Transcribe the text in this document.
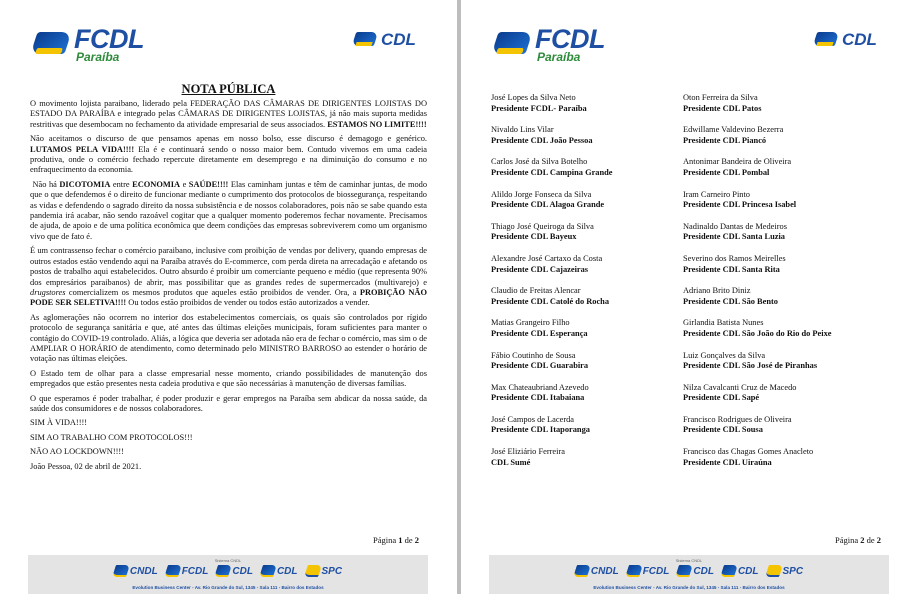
FCDL
Paraíba
CDL
NOTA PÚBLICA

O movimento lojista paraibano, liderado pela FEDERAÇÃO DAS CÂMARAS DE DIRIGENTES LOJISTAS DO ESTADO DA PARAÍBA e integrado pelas CÂMARAS DE DIRIGENTES LOJISTAS, já não mais suporta medidas restritivas que desembocam no fechamento da atividade empresarial de seus associados. ESTAMOS NO LIMITE!!!!

Não aceitamos o discurso de que pensamos apenas em nosso bolso, esse discurso é demagogo e genérico. LUTAMOS PELA VIDA!!!! Ela é e continuará sendo o nosso maior bem. Contudo vivemos em uma cadeia produtiva, onde o comércio fechado repercute diretamente em desemprego e na diminuição do consumo e no enfraquecimento da economia.

Não há DICOTOMIA entre ECONOMIA e SAÚDE!!!! Elas caminham juntas e têm de caminhar juntas, de modo que o que defendemos é o direito de funcionar mediante o cumprimento dos protocolos de biossegurança, respeitando as vidas e defendendo o sagrado direito da nossa subsistência e de nossos colaboradores, pois não se sabe quando esta pandemia irá acabar, não sendo razoável cogitar que a qualquer momento poderemos fechar novamente. Precisamos de ajuda, de apoio e de uma política econômica que deem condições das empresas sobreviverem como um organismo vivo que de fato é.

É um contrassenso fechar o comércio paraibano, inclusive com proibição de vendas por delivery, quando empresas de outros estados estão vendendo aqui na Paraíba através do E-commerce, com perda direta na arrecadação e afetando os postos de trabalho aqui estabelecidos. Outro absurdo é proibir um comerciante pequeno e médio (que representa 90% dos empresários paraibanos) de abrir, mas possibilitar que as grandes redes de supermercados (multivarejo) e drugstores comercializem os mesmos produtos que aqueles estão proibidos de vender. Ora, a PROBIÇÃO NÃO PODE SER SELETIVA!!!! Ou todos estão proibidos de vender ou todos estão autorizados a vender.

As aglomerações não ocorrem no interior dos estabelecimentos comerciais, os quais são controlados por rígido protocolo de segurança sanitária e que, até antes das últimas eleições municipais, foram suficientes para manter o contágio do COVID-19 controlado. Aliás, a lógica que deveria ser adotada não era de fechar o comércio, mas sim o de AMPLIAR O HORÁRIO de atendimento, como determinado pelo MINISTRO BARROSO ao estender o horário de votação nas últimas eleições.

O Estado tem de olhar para a classe empresarial nesse momento, criando possibilidades de manutenção dos empregados que estão presentes nesta cadeia produtiva e que são necessárias à manutenção de diversas famílias.

O que esperamos é poder trabalhar, é poder produzir e gerar empregos na Paraíba sem abdicar da nossa saúde, da saúde dos consumidores e de nossos colaboradores.

SIM À VIDA!!!!

SIM AO TRABALHO COM PROTOCOLOS!!!

NÃO AO LOCKDOWN!!!!

João Pessoa, 02 de abril de 2021.

Página 1 de 2
Sistema CNDL
CNDL FCDL CDL CDL SPC
Evolution Business Center - Av. Rio Grande do Sul, 1345 - Sala 111 - Bairro dos Estados
FCDL
Paraíba
CDL
José Lopes da Silva Neto
Presidente FCDL- Paraíba
Nivaldo Lins Vilar
Presidente CDL João Pessoa
Carlos José da Silva Botelho
Presidente CDL Campina Grande
Alildo Jorge Fonseca da Silva
Presidente CDL Alagoa Grande
Thiago José Queiroga da Silva
Presidente CDL Bayeux
Alexandre José Cartaxo da Costa
Presidente CDL Cajazeiras
Claudio de Freitas Alencar
Presidente CDL Catolé do Rocha
Matias Grangeiro Filho
Presidente CDL Esperança
Fábio Coutinho de Sousa
Presidente CDL Guarabira
Max Chateaubriand Azevedo
Presidente CDL Itabaiana
José Campos de Lacerda
Presidente CDL Itaporanga
José Eliziário Ferreira
CDL Sumé
Oton Ferreira da Silva
Presidente CDL Patos
Edwillame Valdevino Bezerra
Presidente CDL Piancó
Antonimar Bandeira de Oliveira
Presidente CDL Pombal
Iram Carneiro Pinto
Presidente CDL Princesa Isabel
Nadinaldo Dantas de Medeiros
Presidente CDL Santa Luzia
Severino dos Ramos Meirelles
Presidente CDL Santa Rita
Adriano Brito Diniz
Presidente CDL São Bento
Girlandia Batista Nunes
Presidente CDL São João do Rio do Peixe
Luiz Gonçalves da Silva
Presidente CDL São José de Piranhas
Nilza Cavalcanti Cruz de Macedo
Presidente CDL Sapé
Francisco Rodrigues de Oliveira
Presidente CDL Sousa
Francisco das Chagas Gomes Anacleto
Presidente CDL Uiraúna
Página 2 de 2
Sistema CNDL
CNDL FCDL CDL CDL SPC
Evolution Business Center - Av. Rio Grande do Sul, 1345 - Sala 111 - Bairro dos Estados
